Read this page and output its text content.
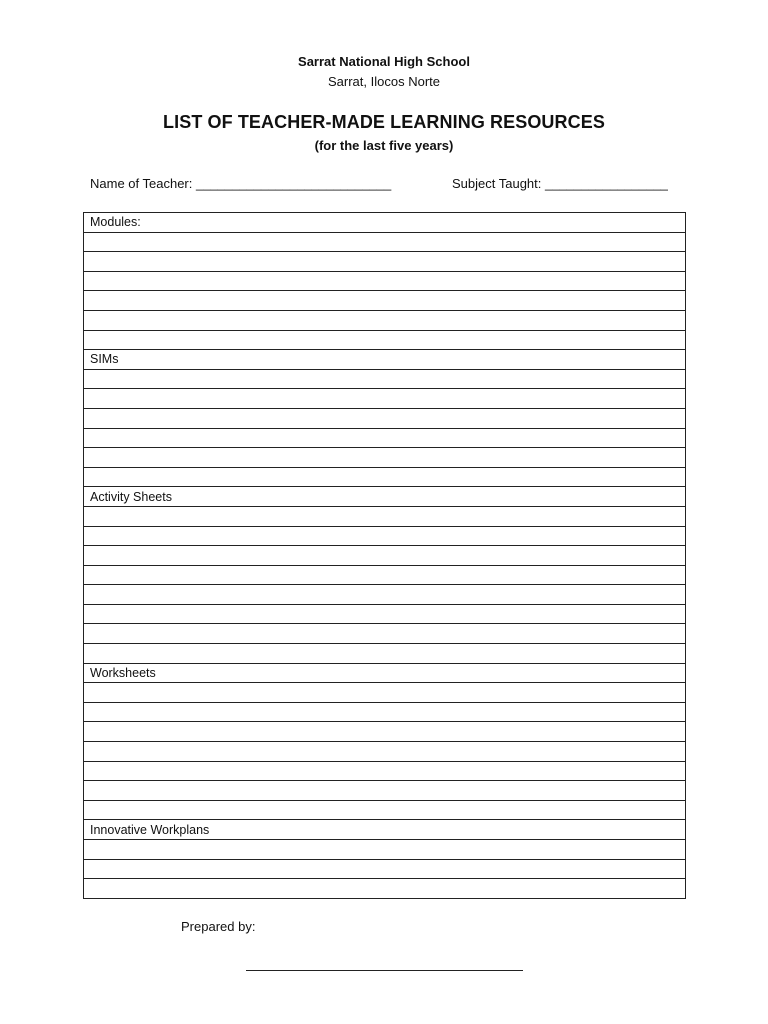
Sarrat National High School
Sarrat, Ilocos Norte
LIST OF TEACHER-MADE LEARNING RESOURCES
(for the last five years)
Name of Teacher: ___________________________	Subject Taught: _________________
Modules:

SIMs

Activity Sheets

Worksheets

Innovative Workplans

Prepared by:
